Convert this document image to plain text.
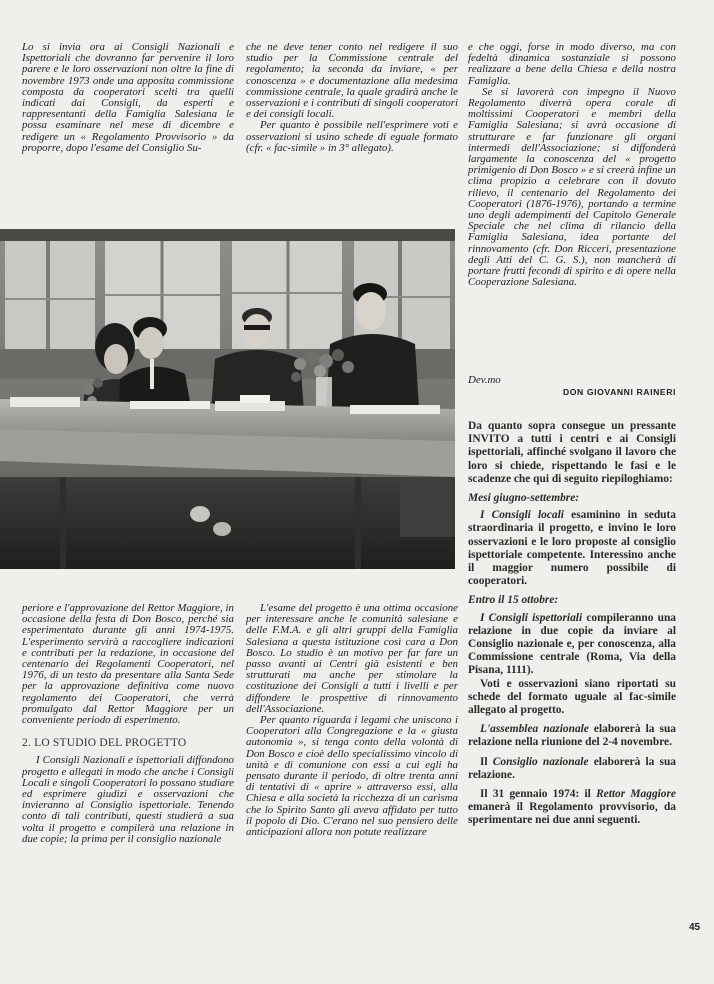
Lo si invia ora ai Consigli Nazionali e Ispettoriali che dovranno far pervenire il loro parere e le loro osservazioni non oltre la fine di novembre 1973 onde una apposita commissione composta da cooperatori scelti tra quelli indicati dai Consigli, da esperti e rappresentanti della Famiglia Salesiana le possa esaminare nel mese di dicembre e redigere un « Regolamento Provvisorio » da proporre, dopo l'esame del Consiglio Su-

che ne deve tener conto nel redigere il suo studio per la Commissione centrale del regolamento; la seconda da inviare, « per conoscenza » e documentazione alla medesima commissione centrale, la quale gradirà anche le osservazioni e i contributi di singoli cooperatori e dei consigli locali.

Per quanto è possibile nell'esprimere voti e osservazioni si usino schede di eguale formato (cfr. « fac-simile » in 3° allegato).

e che oggi, forse in modo diverso, ma con fedeltà dinamica sostanziale si possono realizzare a bene della Chiesa e della nostra Famiglia.

Se si lavorerà con impegno il Nuovo Regolamento diverrà opera corale di moltissimi Cooperatori e membri della Famiglia Salesiana; si avrà occasione di strutturare e far funzionare gli organi intermedi dell'Associazione; si diffonderà largamente la conoscenza del « progetto primigenio di Don Bosco » e si creerà infine un clima propizio a celebrare con il dovuto rilievo, il centenario del Regolamento dei Cooperatori (1876-1976), portando a termine uno degli adempimenti del Capitolo Generale Speciale che nel clima di rilancio della Famiglia Salesiana, idea portante del rinnovamento (cfr. Don Ricceri, presentazione degli Atti del C. G. S.), non mancherà di portare frutti fecondi di spirito e di opere nella Cooperazione Salesiana.

Dev.mo
DON GIOVANNI RAINERI

periore e l'approvazione del Rettor Maggiore, in occasione della festa di Don Bosco, perché sia esperimentato durante gli anni 1974-1975. L'esperimento servirà a raccogliere indicazioni e contributi per la redazione, in occasione del centenario dei Regolamenti Cooperatori, nel 1976, di un testo da presentare alla Santa Sede per la approvazione definitiva come nuovo regolamento dei Cooperatori, che verrà promulgato dal Rettor Maggiore per un conveniente periodo di esperimento.

2. LO STUDIO DEL PROGETTO

I Consigli Nazionali e ispettoriali diffondono progetto e allegati in modo che anche i Consigli Locali e singoli Cooperatori lo possano studiare ed esprimere giudizi e osservazioni che invieranno al Consiglio ispettoriale. Tenendo conto di tali contributi, questi studierà a sua volta il progetto e compilerà una relazione in due copie; la prima per il consiglio nazionale

L'esame del progetto è una ottima occasione per interessare anche le comunità salesiane e delle F.M.A. e gli altri gruppi della Famiglia Salesiana a questa istituzione così cara a Don Bosco. Lo studio è un motivo per far fare un passo avanti ai Centri già esistenti e ben strutturati ma anche per stimolare la costituzione dei Consigli a tutti i livelli e per diffondere le prospettive di rinnovamento dell'Associazione.

Per quanto riguarda i legami che uniscono i Cooperatori alla Congregazione e la « giusta autonomia », si tenga conto della volontà di Don Bosco e cioè dello specialissimo vincolo di unità e di comunione con essi a cui egli ha pensato durante il periodo, di oltre trenta anni di tentativi di « aprire » attraverso essi, alla Chiesa e alla società la ricchezza di un carisma che lo Spirito Santo gli aveva affidato per tutto il popolo di Dio. C'erano nel suo pensiero delle anticipazioni allora non potute realizzare

Da quanto sopra consegue un pressante INVITO a tutti i centri e ai Consigli ispettoriali, affinché svolgano il lavoro che loro si chiede, rispettando le fasi e le scadenze che qui di seguito riepiloghiamo:

Mesi giugno-settembre:

I Consigli locali esaminino in seduta straordinaria il progetto, e invino le loro osservazioni e le loro proposte al consiglio ispettoriale competente. Interessino anche il maggior numero possibile di cooperatori.

Entro il 15 ottobre:

I Consigli ispettoriali compileranno una relazione in due copie da inviare al Consiglio nazionale e, per conoscenza, alla Commissione centrale (Roma, Via della Pisana, 1111).

Voti e osservazioni siano riportati su schede del formato uguale al fac-simile allegato al progetto.

L'assemblea nazionale elaborerà la sua relazione nella riunione del 2-4 novembre.

Il Consiglio nazionale elaborerà la sua relazione.

Il 31 gennaio 1974: il Rettor Maggiore emanerà il Regolamento provvisorio, da sperimentare nei due anni seguenti.

45
